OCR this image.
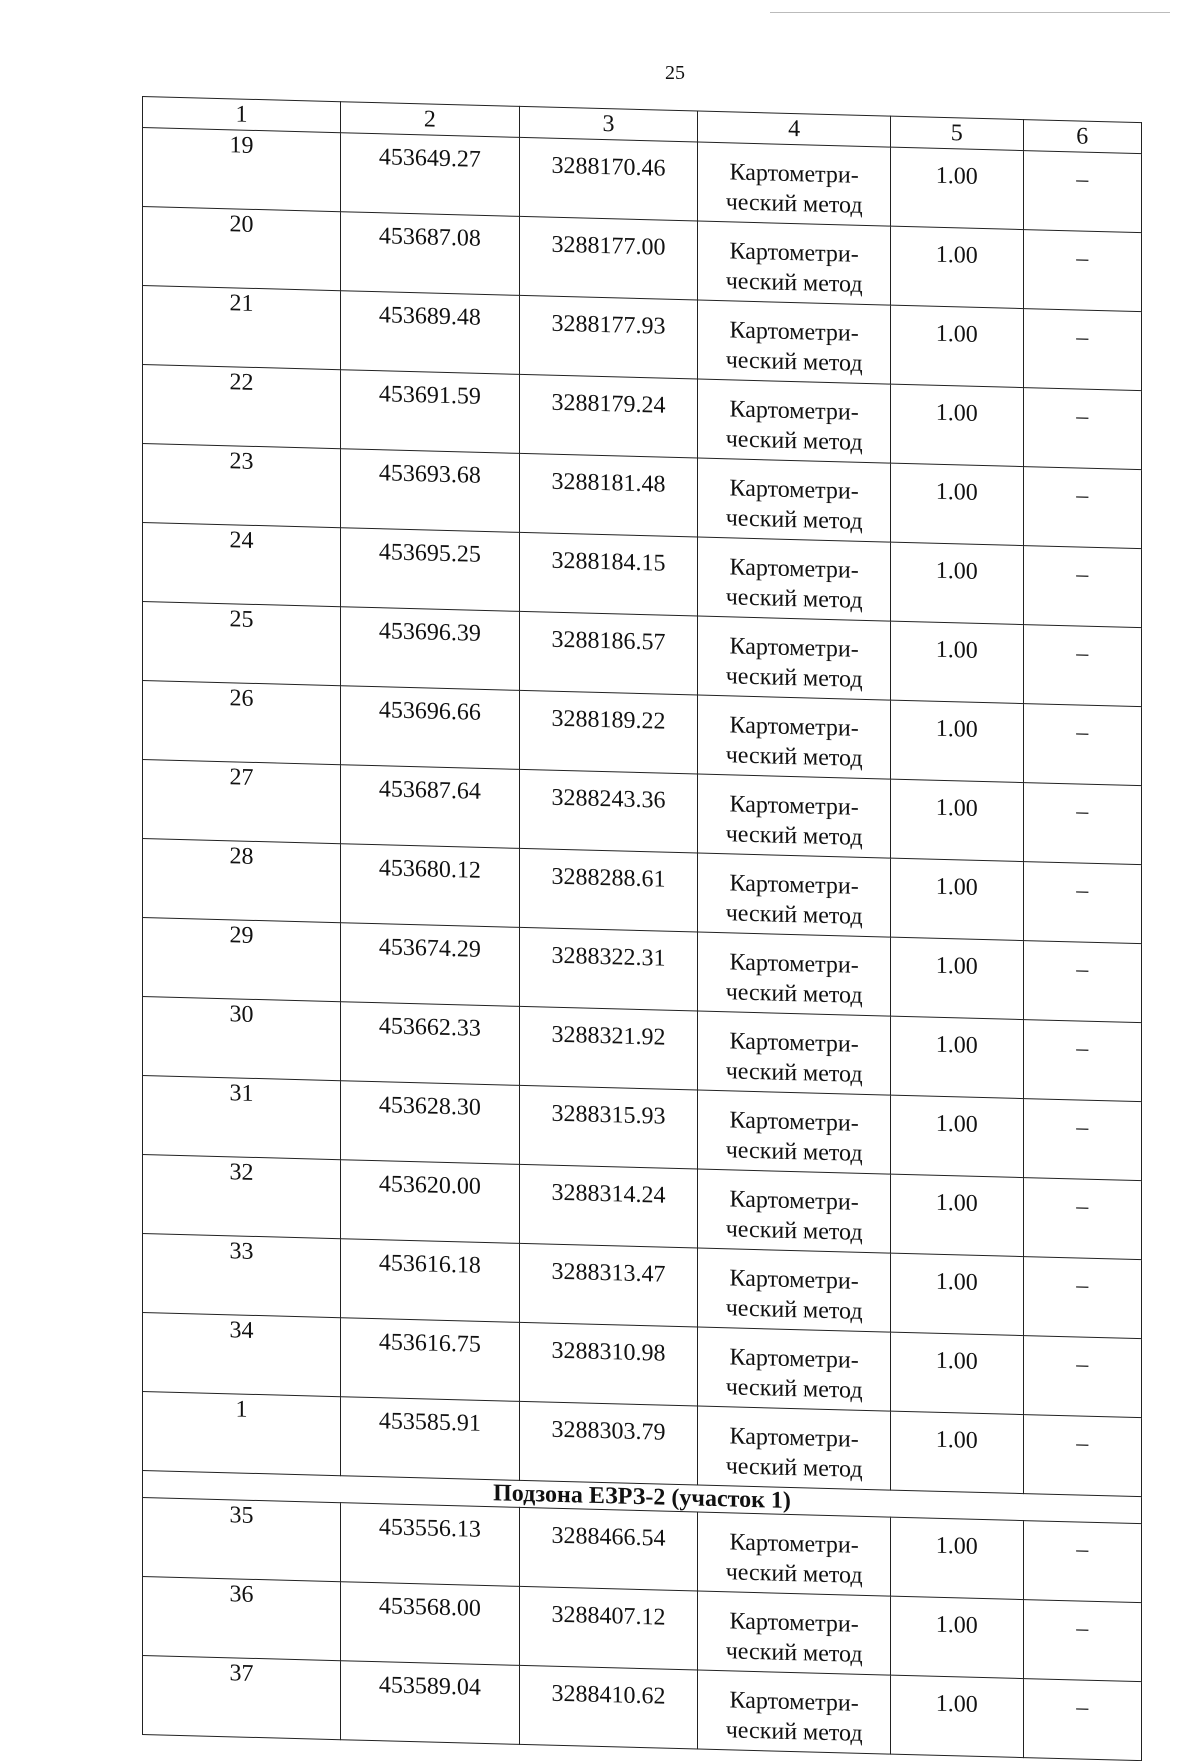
25
1	2	3	4	5	6
19	453649.27	3288170.46	Картометри-
ческий метод	1.00	–
20	453687.08	3288177.00	Картометри-
ческий метод	1.00	–
21	453689.48	3288177.93	Картометри-
ческий метод	1.00	–
22	453691.59	3288179.24	Картометри-
ческий метод	1.00	–
23	453693.68	3288181.48	Картометри-
ческий метод	1.00	–
24	453695.25	3288184.15	Картометри-
ческий метод	1.00	–
25	453696.39	3288186.57	Картометри-
ческий метод	1.00	–
26	453696.66	3288189.22	Картометри-
ческий метод	1.00	–
27	453687.64	3288243.36	Картометри-
ческий метод	1.00	–
28	453680.12	3288288.61	Картометри-
ческий метод	1.00	–
29	453674.29	3288322.31	Картометри-
ческий метод	1.00	–
30	453662.33	3288321.92	Картометри-
ческий метод	1.00	–
31	453628.30	3288315.93	Картометри-
ческий метод	1.00	–
32	453620.00	3288314.24	Картометри-
ческий метод	1.00	–
33	453616.18	3288313.47	Картометри-
ческий метод	1.00	–
34	453616.75	3288310.98	Картометри-
ческий метод	1.00	–
1	453585.91	3288303.79	Картометри-
ческий метод	1.00	–
Подзона ЕЗРЗ-2 (участок 1)					
35	453556.13	3288466.54	Картометри-
ческий метод	1.00	–
36	453568.00	3288407.12	Картометри-
ческий метод	1.00	–
37	453589.04	3288410.62	Картометри-
ческий метод	1.00	–
